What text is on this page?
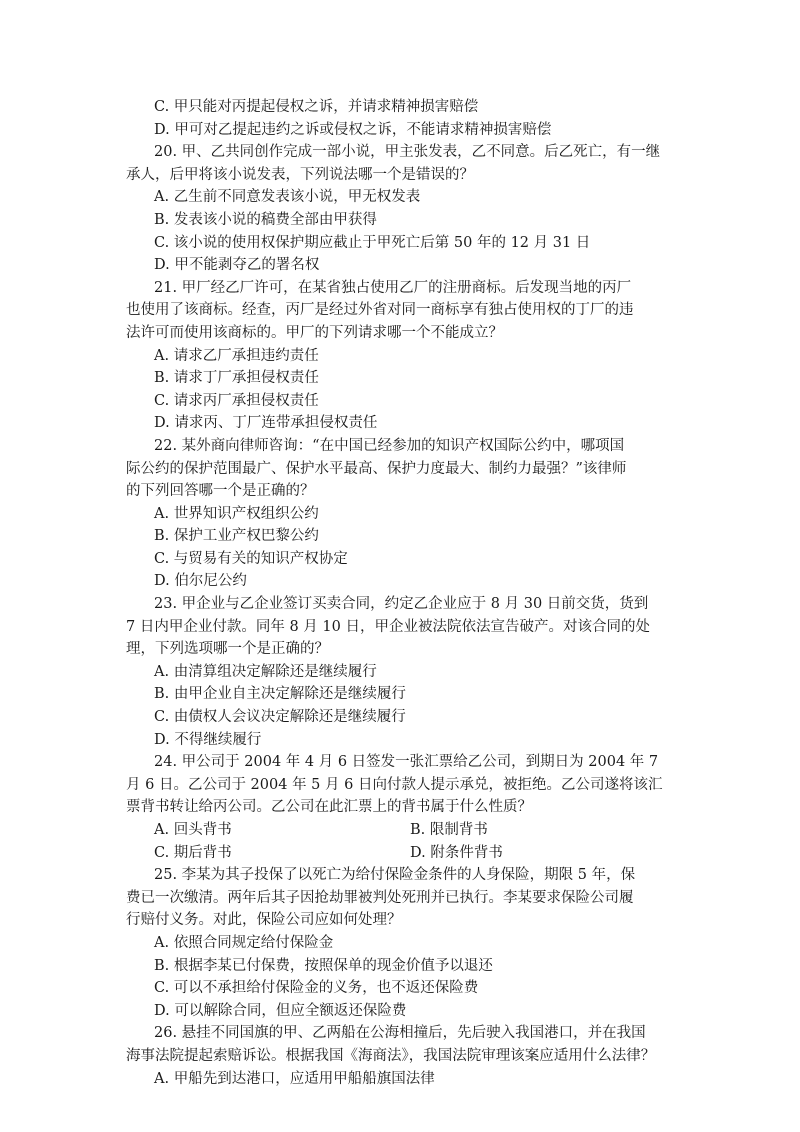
C. 甲只能对丙提起侵权之诉，并请求精神损害赔偿
D. 甲可对乙提起违约之诉或侵权之诉，不能请求精神损害赔偿
20. 甲、乙共同创作完成一部小说，甲主张发表，乙不同意。后乙死亡，有一继
承人，后甲将该小说发表，下列说法哪一个是错误的？
A. 乙生前不同意发表该小说，甲无权发表
B. 发表该小说的稿费全部由甲获得
C. 该小说的使用权保护期应截止于甲死亡后第 50 年的 12 月 31 日
D. 甲不能剥夺乙的署名权
21. 甲厂经乙厂许可，在某省独占使用乙厂的注册商标。后发现当地的丙厂
也使用了该商标。经查，丙厂是经过外省对同一商标享有独占使用权的丁厂的违
法许可而使用该商标的。甲厂的下列请求哪一个不能成立？
A. 请求乙厂承担违约责任
B. 请求丁厂承担侵权责任
C. 请求丙厂承担侵权责任
D. 请求丙、丁厂连带承担侵权责任
22. 某外商向律师咨询：“在中国已经参加的知识产权国际公约中，哪项国
际公约的保护范围最广、保护水平最高、保护力度最大、制约力最强？”该律师
的下列回答哪一个是正确的？
A. 世界知识产权组织公约
B. 保护工业产权巴黎公约
C. 与贸易有关的知识产权协定
D. 伯尔尼公约
23. 甲企业与乙企业签订买卖合同，约定乙企业应于 8 月 30 日前交货，货到
7 日内甲企业付款。同年 8 月 10 日，甲企业被法院依法宣告破产。对该合同的处
理，下列选项哪一个是正确的？
A. 由清算组决定解除还是继续履行
B. 由甲企业自主决定解除还是继续履行
C. 由债权人会议决定解除还是继续履行
D. 不得继续履行
24. 甲公司于 2004 年 4 月 6 日签发一张汇票给乙公司，到期日为 2004 年 7
月 6 日。乙公司于 2004 年 5 月 6 日向付款人提示承兑，被拒绝。乙公司遂将该汇
票背书转让给丙公司。乙公司在此汇票上的背书属于什么性质？
A. 回头背书	B. 限制背书
C. 期后背书	D. 附条件背书
25. 李某为其子投保了以死亡为给付保险金条件的人身保险，期限 5 年，保
费已一次缴清。两年后其子因抢劫罪被判处死刑并已执行。李某要求保险公司履
行赔付义务。对此，保险公司应如何处理？
A. 依照合同规定给付保险金
B. 根据李某已付保费，按照保单的现金价值予以退还
C. 可以不承担给付保险金的义务，也不返还保险费
D. 可以解除合同，但应全额返还保险费
26. 悬挂不同国旗的甲、乙两船在公海相撞后，先后驶入我国港口，并在我国
海事法院提起索赔诉讼。根据我国《海商法》，我国法院审理该案应适用什么法律？
A. 甲船先到达港口，应适用甲船船旗国法律
